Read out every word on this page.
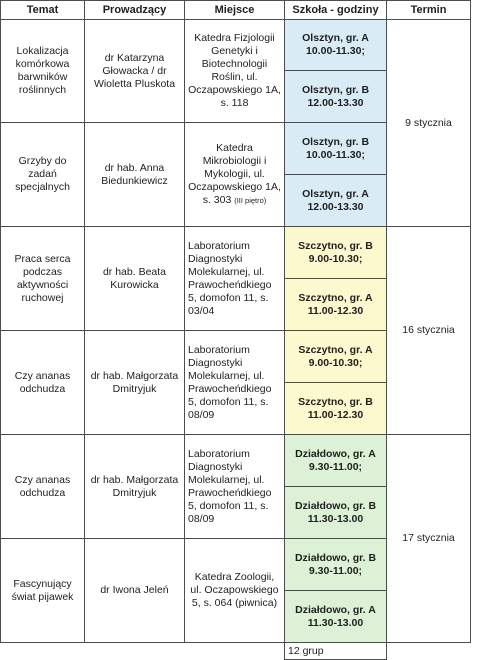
Temat	Prowadzący	Miejsce	Szkoła - godziny	Termin
Lokalizacja komórkowa barwników roślinnych	dr Katarzyna Głowacka / dr Wioletta Pluskota	Katedra Fizjologii Genetyki i Biotechnologii Roślin, ul. Oczapowskiego 1A, s. 118	Olsztyn, gr. A 10.00-11.30;	9 stycznia
			Olsztyn, gr. B 12.00-13.30	
Grzyby do zadań specjalnych	dr hab. Anna Biedunkiewicz	Katedra Mikrobiologii i Mykologii, ul. Oczapowskiego 1A, s. 303 (III piętro)	Olsztyn, gr. B 10.00-11.30;	
			Olsztyn, gr. A 12.00-13.30	
Praca serca podczas aktywności ruchowej	dr hab. Beata Kurowicka	Laboratorium Diagnostyki Molekularnej, ul. Prawocheńdkiego 5, domofon 11, s. 03/04	Szczytno, gr. B 9.00-10.30;	16 stycznia
			Szczytno, gr. A 11.00-12.30	
Czy ananas odchudza	dr hab. Małgorzata Dmitryjuk	Laboratorium Diagnostyki Molekularnej, ul. Prawocheńdkiego 5, domofon 11, s. 08/09	Szczytno, gr. A 9.00-10.30;	
			Szczytno, gr. B 11.00-12.30	
Czy ananas odchudza	dr hab. Małgorzata Dmitryjuk	Laboratorium Diagnostyki Molekularnej, ul. Prawocheńdkiego 5, domofon 11, s. 08/09	Działdowo, gr. A 9.30-11.00;	17 stycznia
			Działdowo, gr. B 11.30-13.00	
Fascynujący świat pijawek	dr Iwona Jeleń	Katedra Zoologii, ul. Oczapowskiego 5, s. 064 (piwnica)	Działdowo, gr. B 9.30-11.00;	
			Działdowo, gr. A 11.30-13.00	
			12 grup	
